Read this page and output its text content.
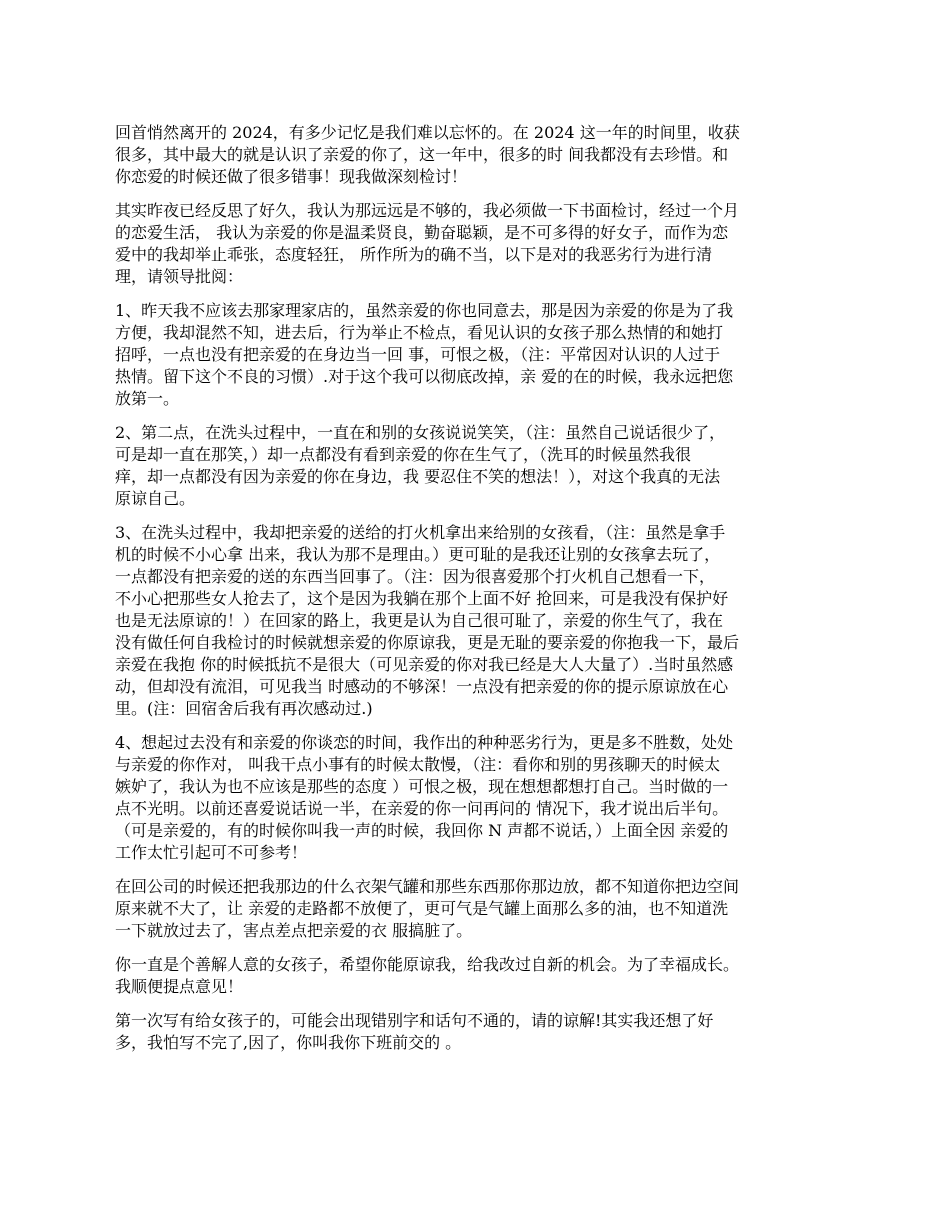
回首悄然离开的 2024，有多少记忆是我们难以忘怀的。在 2024 这一年的时间里，收获
很多，其中最大的就是认识了亲爱的你了，这一年中，很多的时 间我都没有去珍惜。和
你恋爱的时候还做了很多错事！现我做深刻检讨！

其实昨夜已经反思了好久，我认为那远远是不够的，我必须做一下书面检讨，经过一个月
的恋爱生活， 我认为亲爱的你是温柔贤良，勤奋聪颖，是不可多得的好女子，而作为恋
爱中的我却举止乖张，态度轻狂， 所作所为的确不当，以下是对的我恶劣行为进行清
理，请领导批阅：

1、昨天我不应该去那家理家店的，虽然亲爱的你也同意去，那是因为亲爱的你是为了我
方便，我却混然不知，进去后，行为举止不检点，看见认识的女孩子那么热情的和她打
招呼，一点也没有把亲爱的在身边当一回 事，可恨之极，（注：平常因对认识的人过于
热情。留下这个不良的习惯）.对于这个我可以彻底改掉，亲 爱的在的时候，我永远把您
放第一。

2、第二点，在洗头过程中，一直在和别的女孩说说笑笑，（注：虽然自己说话很少了，
可是却一直在那笑，）却一点都没有看到亲爱的你在生气了，（洗耳的时候虽然我很
痒，却一点都没有因为亲爱的你在身边，我 要忍住不笑的想法！），对这个我真的无法
原谅自己。

3、在洗头过程中，我却把亲爱的送给的打火机拿出来给别的女孩看，（注：虽然是拿手
机的时候不小心拿 出来，我认为那不是理由。）更可耻的是我还让别的女孩拿去玩了，
一点都没有把亲爱的送的东西当回事了。（注：因为很喜爱那个打火机自己想看一下，
不小心把那些女人抢去了，这个是因为我躺在那个上面不好 抢回来，可是我没有保护好
也是无法原谅的！）在回家的路上，我更是认为自己很可耻了，亲爱的你生气了，我在
没有做任何自我检讨的时候就想亲爱的你原谅我，更是无耻的要亲爱的你抱我一下，最后
亲爱在我抱 你的时候抵抗不是很大（可见亲爱的你对我已经是大人大量了）.当时虽然感
动，但却没有流泪，可见我当 时感动的不够深！一点没有把亲爱的你的提示原谅放在心
里。(注：回宿舍后我有再次感动过.)

4、想起过去没有和亲爱的你谈恋的时间，我作出的种种恶劣行为，更是多不胜数，处处
与亲爱的你作对， 叫我干点小事有的时候太散慢，（注：看你和别的男孩聊天的时候太
嫉妒了，我认为也不应该是那些的态度 ）可恨之极，现在想想都想打自己。当时做的一
点不光明。以前还喜爱说话说一半，在亲爱的你一问再问的 情况下，我才说出后半句。
（可是亲爱的，有的时候你叫我一声的时候，我回你 N 声都不说话，）上面全因 亲爱的
工作太忙引起可不可参考！

在回公司的时候还把我那边的什么衣架气罐和那些东西那你那边放，都不知道你把边空间
原来就不大了，让 亲爱的走路都不放便了，更可气是气罐上面那么多的油，也不知道洗
一下就放过去了，害点差点把亲爱的衣 服搞脏了。

你一直是个善解人意的女孩子，希望你能原谅我，给我改过自新的机会。为了幸福成长。
我顺便提点意见！

第一次写有给女孩子的，可能会出现错别字和话句不通的，请的谅解!其实我还想了好
多，我怕写不完了,因了，你叫我你下班前交的 。
